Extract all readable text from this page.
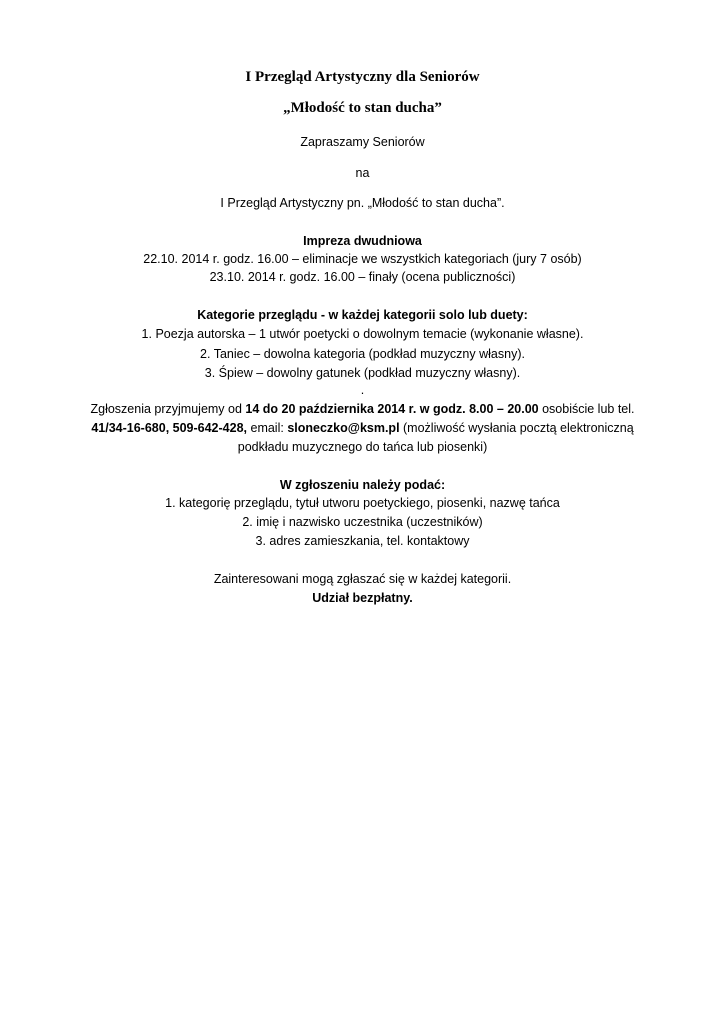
I Przegląd Artystyczny dla Seniorów
„Młodość to stan ducha”
Zapraszamy Seniorów
na
I Przegląd Artystyczny pn. „Młodość to stan ducha”.
Impreza dwudniowa
22.10. 2014 r. godz. 16.00 – eliminacje we wszystkich kategoriach (jury 7 osób)
23.10. 2014 r. godz. 16.00 – finały (ocena publiczności)
Kategorie przeglądu - w każdej kategorii solo lub duety:
1. Poezja autorska – 1 utwór poetycki o dowolnym temacie (wykonanie własne).
2. Taniec – dowolna kategoria (podkład muzyczny własny).
3. Śpiew – dowolny gatunek (podkład muzyczny własny).
.
Zgłoszenia przyjmujemy od 14 do 20 października 2014 r. w godz. 8.00 – 20.00 osobiście lub tel.
41/34-16-680, 509-642-428, email: sloneczko@ksm.pl (możliwość wysłania pocztą elektroniczną
podkładu muzycznego do tańca lub piosenki)
W zgłoszeniu należy podać:
1. kategorię przeglądu, tytuł utworu poetyckiego, piosenki, nazwę tańca
2. imię i nazwisko uczestnika (uczestników)
3. adres zamieszkania, tel. kontaktowy
Zainteresowani mogą zgłaszać się w każdej kategorii.
Udział bezpłatny.
